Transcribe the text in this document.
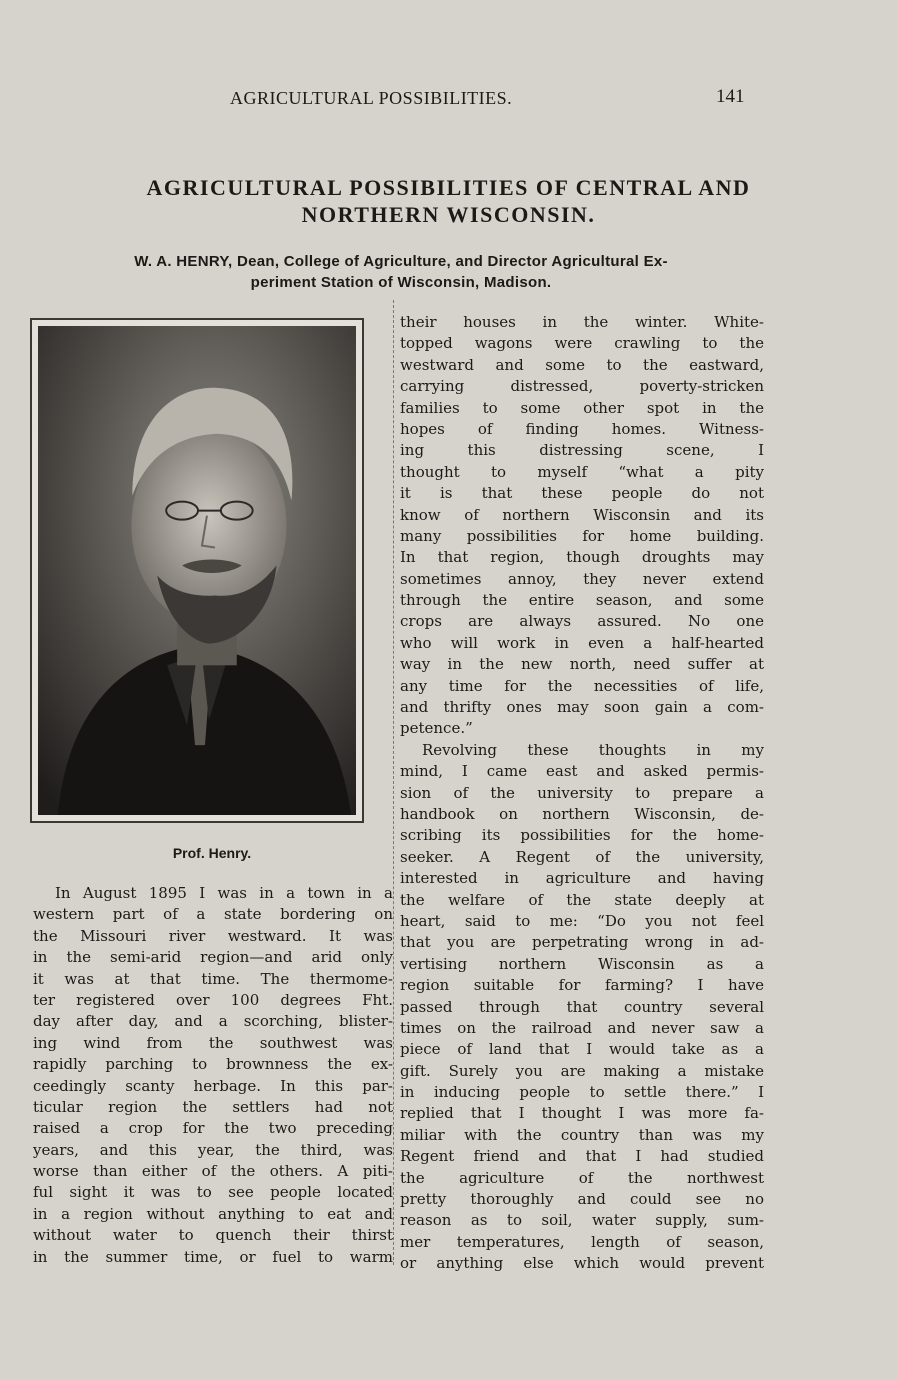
AGRICULTURAL POSSIBILITIES.	141
AGRICULTURAL POSSIBILITIES OF CENTRAL AND
NORTHERN WISCONSIN.
W. A. HENRY, Dean, College of Agriculture, and Director Agricultural Ex-
periment Station of Wisconsin, Madison.
Prof. Henry.
In August 1895 I was in a town in a
western part of a state bordering on
the Missouri river westward. It was
in the semi-arid region—and arid only
it was at that time. The thermome-
ter registered over 100 degrees Fht.
day after day, and a scorching, blister-
ing wind from the southwest was
rapidly parching to brownness the ex-
ceedingly scanty herbage. In this par-
ticular region the settlers had not
raised a crop for the two preceding
years, and this year, the third, was
worse than either of the others. A piti-
ful sight it was to see people located
in a region without anything to eat and
without water to quench their thirst
in the summer time, or fuel to warm
their houses in the winter. White-
topped wagons were crawling to the
westward and some to the eastward,
carrying distressed, poverty-stricken
families to some other spot in the
hopes of finding homes. Witness-
ing this distressing scene, I
thought to myself “what a pity
it is that these people do not
know of northern Wisconsin and its
many possibilities for home building.
In that region, though droughts may
sometimes annoy, they never extend
through the entire season, and some
crops are always assured. No one
who will work in even a half-hearted
way in the new north, need suffer at
any time for the necessities of life,
and thrifty ones may soon gain a com-
petence.”
Revolving these thoughts in my
mind, I came east and asked permis-
sion of the university to prepare a
handbook on northern Wisconsin, de-
scribing its possibilities for the home-
seeker. A Regent of the university,
interested in agriculture and having
the welfare of the state deeply at
heart, said to me: “Do you not feel
that you are perpetrating wrong in ad-
vertising northern Wisconsin as a
region suitable for farming? I have
passed through that country several
times on the railroad and never saw a
piece of land that I would take as a
gift. Surely you are making a mistake
in inducing people to settle there.” I
replied that I thought I was more fa-
miliar with the country than was my
Regent friend and that I had studied
the agriculture of the northwest
pretty thoroughly and could see no
reason as to soil, water supply, sum-
mer temperatures, length of season,
or anything else which would prevent
